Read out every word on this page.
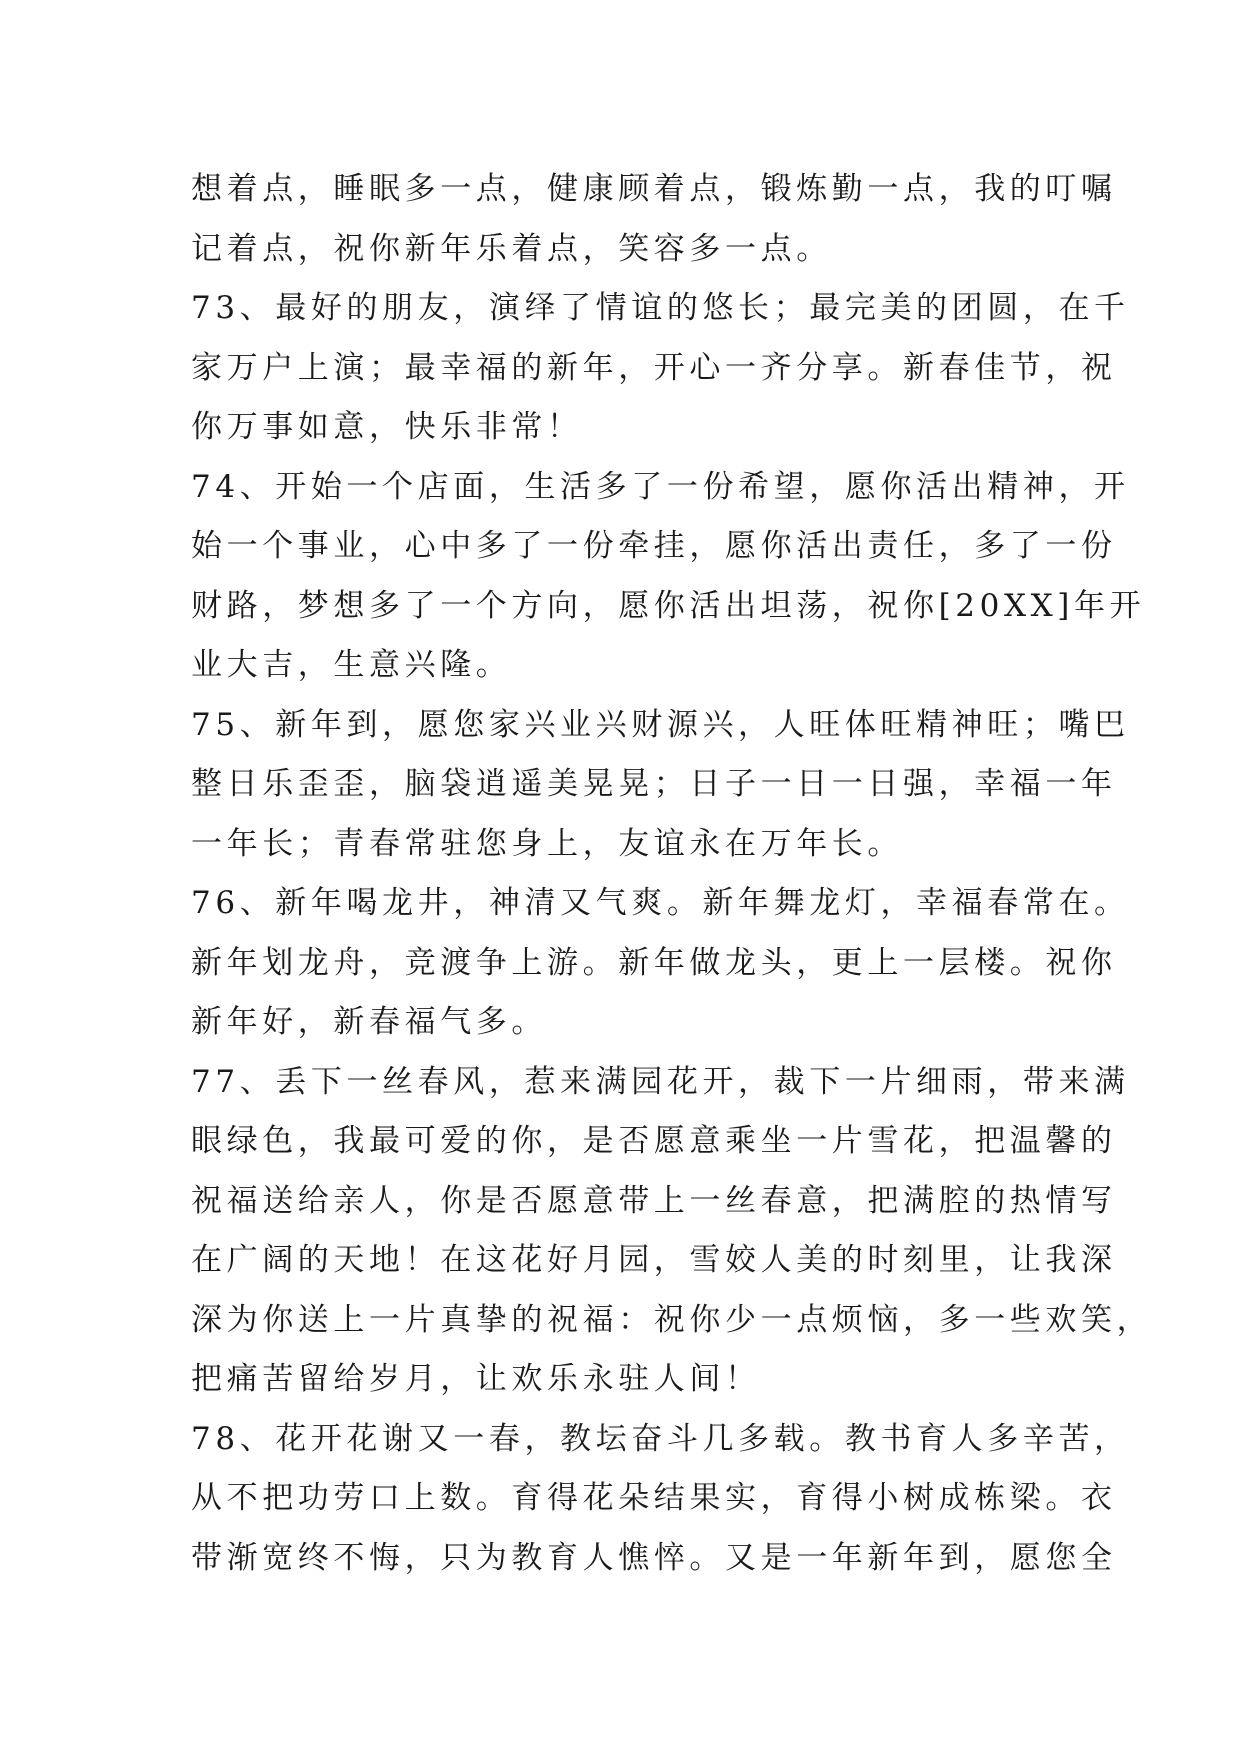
想着点，睡眠多一点，健康顾着点，锻炼勤一点，我的叮嘱
记着点，祝你新年乐着点，笑容多一点。
73、最好的朋友，演绎了情谊的悠长；最完美的团圆，在千
家万户上演；最幸福的新年，开心一齐分享。新春佳节，祝
你万事如意，快乐非常！
74、开始一个店面，生活多了一份希望，愿你活出精神，开
始一个事业，心中多了一份牵挂，愿你活出责任，多了一份
财路，梦想多了一个方向，愿你活出坦荡，祝你[20XX]年开
业大吉，生意兴隆。
75、新年到，愿您家兴业兴财源兴，人旺体旺精神旺；嘴巴
整日乐歪歪，脑袋逍遥美晃晃；日子一日一日强，幸福一年
一年长；青春常驻您身上，友谊永在万年长。
76、新年喝龙井，神清又气爽。新年舞龙灯，幸福春常在。
新年划龙舟，竞渡争上游。新年做龙头，更上一层楼。祝你
新年好，新春福气多。
77、丢下一丝春风，惹来满园花开，裁下一片细雨，带来满
眼绿色，我最可爱的你，是否愿意乘坐一片雪花，把温馨的
祝福送给亲人，你是否愿意带上一丝春意，把满腔的热情写
在广阔的天地！在这花好月园，雪姣人美的时刻里，让我深
深为你送上一片真挚的祝福：祝你少一点烦恼，多一些欢笑，
把痛苦留给岁月，让欢乐永驻人间！
78、花开花谢又一春，教坛奋斗几多载。教书育人多辛苦，
从不把功劳口上数。育得花朵结果实，育得小树成栋梁。衣
带渐宽终不悔，只为教育人憔悴。又是一年新年到，愿您全
